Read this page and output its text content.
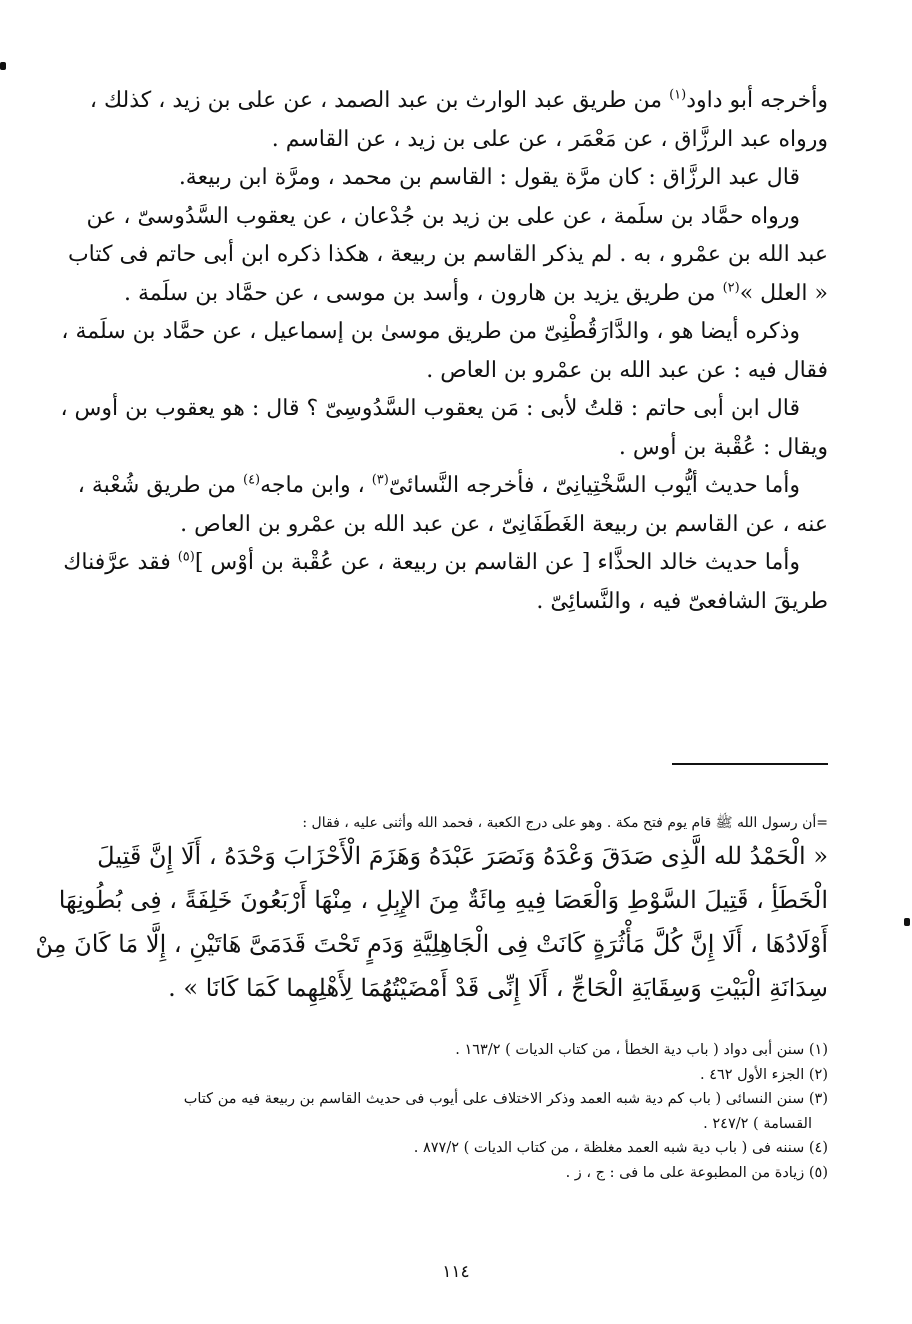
وأخرجه أبو داود$^{(١)}$ من طريق عبد الوارث بن عبد الصمد ، عن على بن زيد ، كذلك ،

ورواه عبد الرزَّاق ، عن مَعْمَر ، عن على بن زيد ، عن القاسم .

قال عبد الرزَّاق : كان مرَّة يقول : القاسم بن محمد ، ومرَّة ابن ربيعة.

ورواه حمَّاد بن سلَمة ، عن على بن زيد بن جُدْعان ، عن يعقوب السَّدُوسىّ ، عن

عبد الله بن عمْرو ، به . لم يذكر القاسم بن ربيعة ، هكذا ذكره ابن أبى حاتم فى كتاب

« العلل »$^{(٢)}$ من طريق يزيد بن هارون ، وأسد بن موسى ، عن حمَّاد بن سلَمة .

وذكره أيضا هو ، والدَّارَقُطْنِىّ من طريق موسىٰ بن إسماعيل ، عن حمَّاد بن سلَمة ،

فقال فيه : عن عبد الله بن عمْرو بن العاص .

قال ابن أبى حاتم : قلتُ لأبى : مَن يعقوب السَّدُوسِىّ ؟ قال : هو يعقوب بن أوس ،

ويقال : عُقْبة بن أوس .

وأما حديث أيُّوب السَّخْتِيانِىّ ، فأخرجه النَّسائىّ$^{(٣)}$ ، وابن ماجه$^{(٤)}$ من طريق شُعْبة ،

عنه ، عن القاسم بن ربيعة الغَطَفَانِىّ ، عن عبد الله بن عمْرو بن العاص .

وأما حديث خالد الحذَّاء [ عن القاسم بن ربيعة ، عن عُقْبة بن أوْس ]$^{(٥)}$ فقد عرَّفناك

طريقَ الشافعىّ فيه ، والنَّسائِىّ .

=أن رسول الله ﷺ قام يوم فتح مكة . وهو على درج الكعبة ، فحمد الله وأثنى عليه ، فقال :

« الْحَمْدُ لله الَّذِى صَدَقَ وَعْدَهُ وَنَصَرَ عَبْدَهُ وَهَزَمَ الْأَحْزَابَ وَحْدَهُ ، أَلَا إِنَّ قَتِيلَ

الْخَطَأِ ، قَتِيلَ السَّوْطِ وَالْعَصَا فِيهِ مِائَةٌ مِنَ الإِبِلِ ، مِنْهَا أَرْبَعُونَ خَلِفَةً ، فِى بُطُونِهَا

أَوْلَادُهَا ، أَلَا إِنَّ كُلَّ مَأْثُرَةٍ كَانَتْ فِى الْجَاهِلِيَّةِ وَدَمٍ تَحْتَ قَدَمَىَّ هَاتَيْنِ ، إِلَّا مَا كَانَ مِنْ

سِدَانَةِ الْبَيْتِ وَسِقَايَةِ الْحَاجِّ ، أَلَا إِنِّى قَدْ أَمْضَيْتُهُمَا لِأَهْلِهِما كَمَا كَانَا » .

(١) سنن أبى دواد ( باب دية الخطأ ، من كتاب الديات ) ١٦٣/٢ .

(٢) الجزء الأول ٤٦٢ .

(٣) سنن النسائى ( باب كم دية شبه العمد وذكر الاختلاف على أيوب فى حديث القاسم بن ربيعة فيه من كتاب

القسامة ) ٢٤٧/٢ .

(٤) سننه فى ( باب دية شبه العمد مغلظة ، من كتاب الديات ) ٨٧٧/٢ .

(٥) زيادة من المطبوعة على ما فى : ج ، ز .

١١٤
